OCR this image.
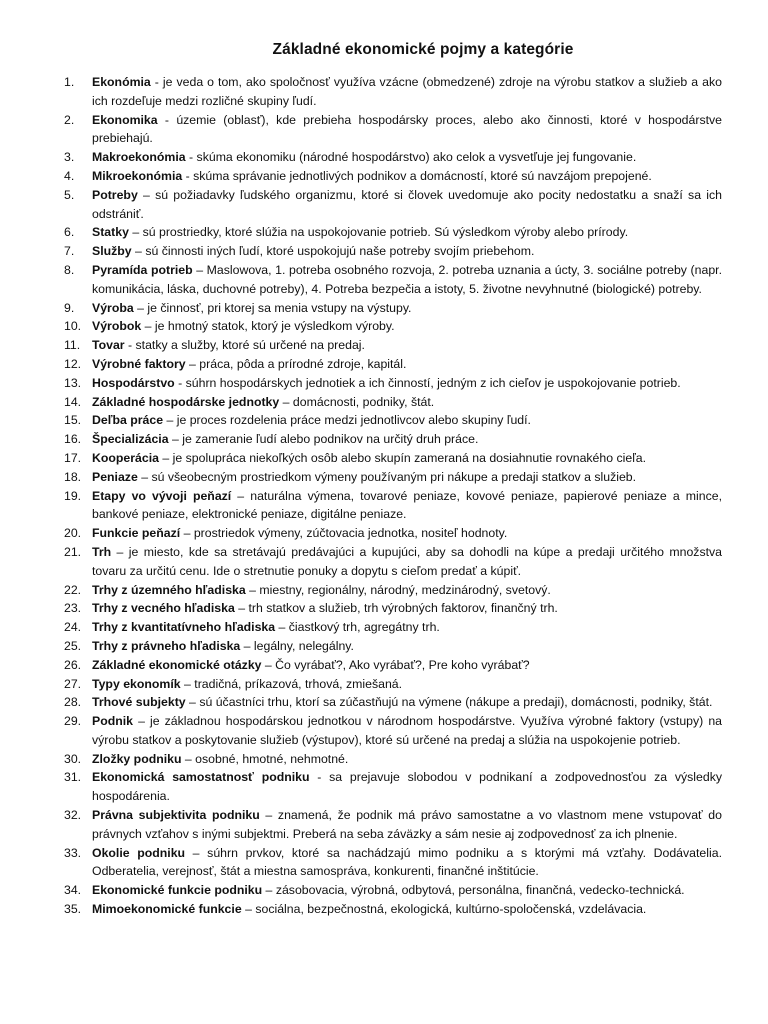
Základné ekonomické pojmy a kategórie
1.	Ekonómia - je veda o tom, ako spoločnosť využíva vzácne (obmedzené) zdroje na výrobu statkov a služieb a ako ich rozdeľuje medzi rozličné skupiny ľudí.
2.	Ekonomika - územie (oblasť), kde prebieha hospodársky proces, alebo ako činnosti, ktoré v hospodárstve prebiehajú.
3.	Makroekonómia - skúma ekonomiku (národné hospodárstvo) ako celok a vysvetľuje jej fungovanie.
4.	Mikroekonómia - skúma správanie jednotlivých podnikov a domácností, ktoré sú navzájom prepojené.
5.	Potreby – sú požiadavky ľudského organizmu, ktoré si človek uvedomuje ako pocity nedostatku a snaží sa ich odstrániť.
6.	Statky – sú prostriedky, ktoré slúžia na uspokojovanie potrieb. Sú výsledkom výroby alebo prírody.
7.	Služby – sú činnosti iných ľudí, ktoré uspokojujú naše potreby svojím priebehom.
8.	Pyramída potrieb – Maslowova, 1. potreba osobného rozvoja, 2. potreba uznania a úcty, 3. sociálne potreby (napr. komunikácia, láska, duchovné potreby), 4. Potreba bezpečia a istoty, 5. životne nevyhnutné (biologické) potreby.
9.	Výroba – je činnosť, pri ktorej sa menia vstupy na výstupy.
10. Výrobok – je hmotný statok, ktorý je výsledkom výroby.
11. Tovar - statky a služby, ktoré sú určené na predaj.
12. Výrobné faktory – práca, pôda a prírodné zdroje, kapitál.
13. Hospodárstvo - súhrn hospodárskych jednotiek a ich činností, jedným z ich cieľov je uspokojovanie potrieb.
14. Základné hospodárske jednotky – domácnosti, podniky, štát.
15. Deľba práce – je proces rozdelenia práce medzi jednotlivcov alebo skupiny ľudí.
16. Špecializácia – je zameranie ľudí alebo podnikov na určitý druh práce.
17. Kooperácia – je spolupráca niekoľkých osôb alebo skupín zameraná na dosiahnutie rovnakého cieľa.
18. Peniaze – sú všeobecným prostriedkom výmeny používaným pri nákupe a predaji statkov a služieb.
19. Etapy vo vývoji peňazí – naturálna výmena, tovarové peniaze, kovové peniaze, papierové peniaze a mince, bankové peniaze, elektronické peniaze, digitálne peniaze.
20. Funkcie peňazí – prostriedok výmeny, zúčtovacia jednotka, nositeľ hodnoty.
21. Trh – je miesto, kde sa stretávajú predávajúci a kupujúci, aby sa dohodli na kúpe a predaji určitého množstva tovaru za určitú cenu. Ide o stretnutie ponuky a dopytu s cieľom predať a kúpiť.
22. Trhy z územného hľadiska – miestny, regionálny, národný, medzinárodný, svetový.
23. Trhy z vecného hľadiska – trh statkov a služieb, trh výrobných faktorov, finančný trh.
24. Trhy z kvantitatívneho hľadiska – čiastkový trh, agregátny trh.
25. Trhy z právneho hľadiska – legálny, nelegálny.
26. Základné ekonomické otázky – Čo vyrábať?, Ako vyrábať?, Pre koho vyrábať?
27. Typy ekonomík – tradičná, príkazová, trhová, zmiešaná.
28. Trhové subjekty – sú účastníci trhu, ktorí sa zúčastňujú na výmene (nákupe a predaji), domácnosti, podniky, štát.
29. Podnik – je základnou hospodárskou jednotkou v národnom hospodárstve. Využíva výrobné faktory (vstupy) na výrobu statkov a poskytovanie služieb (výstupov), ktoré sú určené na predaj a slúžia na uspokojenie potrieb.
30. Zložky podniku – osobné, hmotné, nehmotné.
31. Ekonomická samostatnosť podniku - sa prejavuje slobodou v podnikaní a zodpovednosťou za výsledky hospodárenia.
32. Právna subjektivita podniku – znamená, že podnik má právo samostatne a vo vlastnom mene vstupovať do právnych vzťahov s inými subjektmi. Preberá na seba záväzky a sám nesie aj zodpovednosť za ich plnenie.
33. Okolie podniku – súhrn prvkov, ktoré sa nachádzajú mimo podniku a s ktorými má vzťahy. Dodávatelia. Odberatelia, verejnosť, štát a miestna samospráva, konkurenti, finančné inštitúcie.
34. Ekonomické funkcie podniku – zásobovacia, výrobná, odbytová, personálna, finančná, vedecko-technická.
35. Mimoekonomické funkcie – sociálna, bezpečnostná, ekologická, kultúrno-spoločenská, vzdelávacia.
